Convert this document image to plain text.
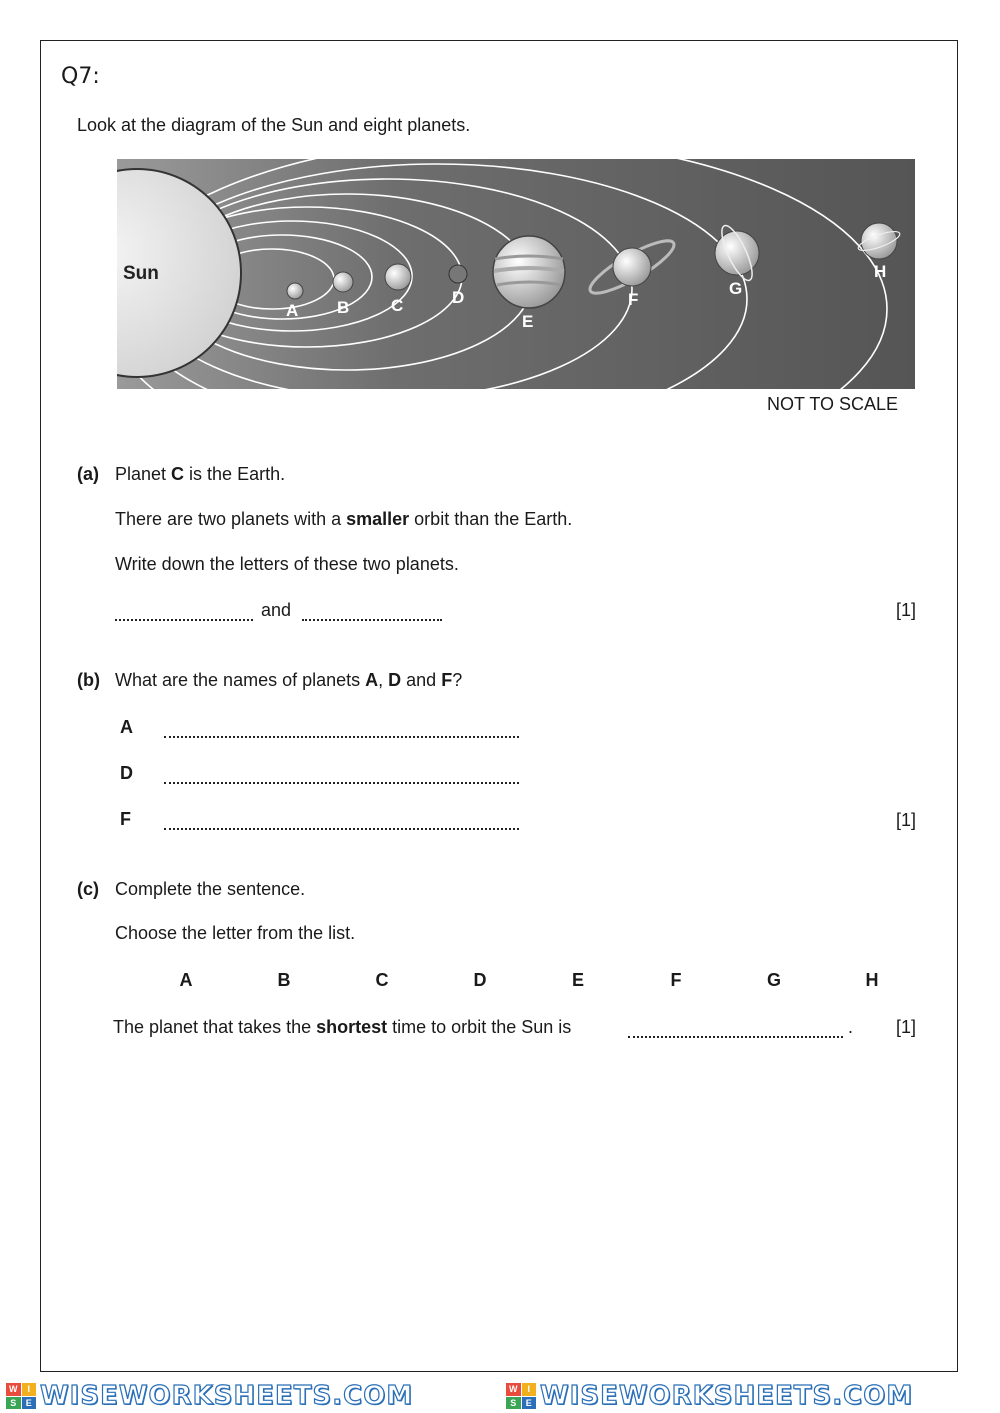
Q7:
Look at the diagram of the Sun and eight planets.
Sun
A B C	D
E
F
G
H
NOT TO SCALE
(a) Planet C is the Earth.
There are two planets with a smaller orbit than the Earth.
Write down the letters of these two planets.
and	[1]
(b) What are the names of planets A, D and F?
A
D
F	[1]
(c) Complete the sentence.
Choose the letter from the list.
A	B	C	D	E	F	G	H
The planet that takes the shortest time to orbit the Sun is	. [1]
W	I
S	E WISEWORKSHEETS.COM	W	I
S	E WISEWORKSHEETS.COM
